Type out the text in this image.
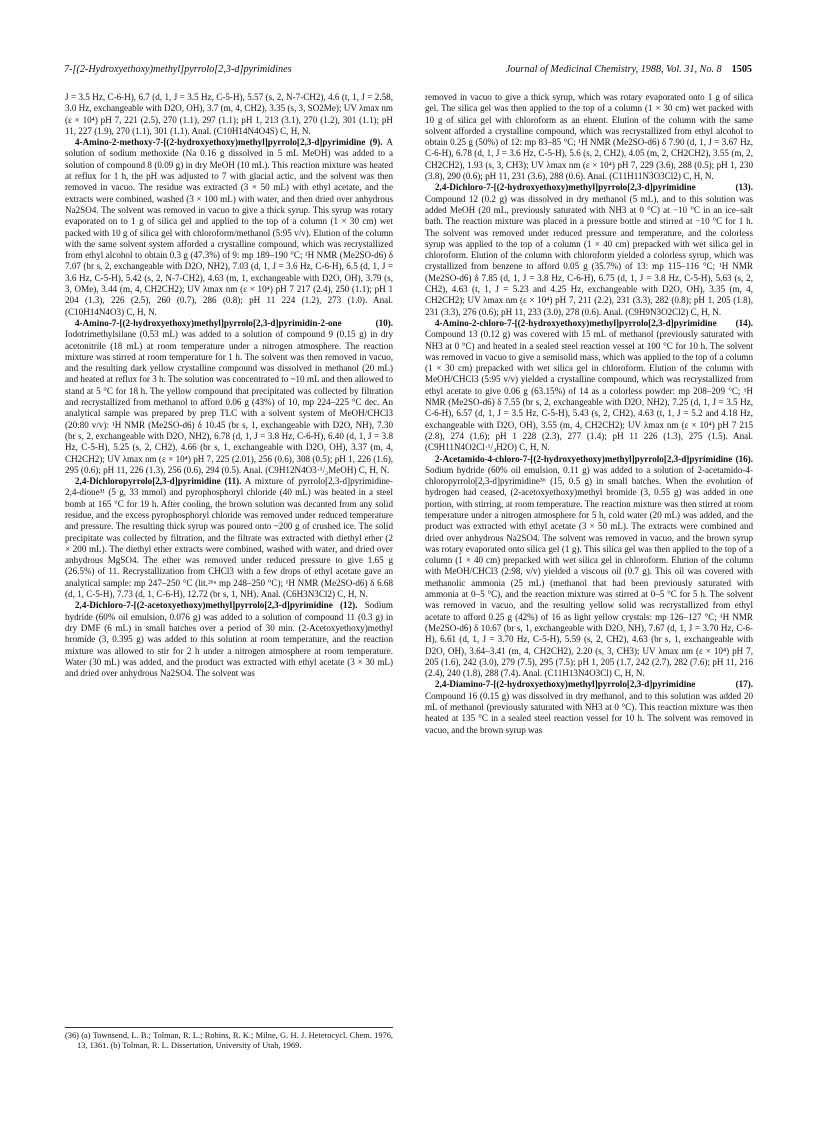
7-[(2-Hydroxyethoxy)methyl]pyrrolo[2,3-d]pyrimidines	Journal of Medicinal Chemistry, 1988, Vol. 31, No. 8 1505

J = 3.5 Hz, C-6-H), 6.7 (d, 1, J = 3.5 Hz, C-5-H), 5.57 (s, 2, N-7-CH2), 4.6 (t, 1, J = 2.58, 3.0 Hz, exchangeable with D2O, OH), 3.7 (m, 4, CH2), 3.35 (s, 3, SO2Me); UV λmax nm (ε × 10⁴) pH 7, 221 (2.5), 270 (1.1), 297 (1.1); pH 1, 213 (3.1), 270 (1.2), 301 (1.1); pH 11, 227 (1.9), 270 (1.1), 301 (1.1). Anal. (C10H14N4O4S) C, H, N.

4-Amino-2-methoxy-7-[(2-hydroxyethoxy)methyl]pyrrolo[2,3-d]pyrimidine (9). A solution of sodium methoxide (Na 0.16 g dissolved in 5 mL MeOH) was added to a solution of compound 8 (0.09 g) in dry MeOH (10 mL). This reaction mixture was heated at reflux for 1 h, the pH was adjusted to 7 with glacial actic, and the solvent was then removed in vacuo. The residue was extracted (3 × 50 mL) with ethyl acetate, and the extracts were combined, washed (3 × 100 mL) with water, and then dried over anhydrous Na2SO4. The solvent was removed in vacuo to give a thick syrup. This syrup was rotary evaporated on to 1 g of silica gel and applied to the top of a column (1 × 30 cm) wet packed with 10 g of silica gel with chloroform/methanol (5:95 v/v). Elution of the column with the same solvent system afforded a crystalline compound, which was recrystallized from ethyl alcohol to obtain 0.3 g (47.3%) of 9: mp 189–190 °C; ¹H NMR (Me2SO-d6) δ 7.07 (br s, 2, exchangeable with D2O, NH2), 7.03 (d, 1, J = 3.6 Hz, C-6-H), 6.5 (d, 1, J = 3.6 Hz, C-5-H), 5.42 (s, 2, N-7-CH2), 4.63 (m, 1, exchangeable with D2O, OH), 3.79 (s, 3, OMe), 3.44 (m, 4, CH2CH2); UV λmax nm (ε × 10⁴) pH 7 217 (2.4), 250 (1.1); pH 1 204 (1.3), 226 (2.5), 260 (0.7), 286 (0.8); pH 11 224 (1.2), 273 (1.0). Anal. (C10H14N4O3) C, H, N.

4-Amino-7-[(2-hydroxyethoxy)methyl]pyrrolo[2,3-d]pyrimidin-2-one (10). Iodotrimethylsilane (0.53 mL) was added to a solution of compound 9 (0.15 g) in dry acetonitrile (18 mL) at room temperature under a nitrogen atmosphere. The reaction mixture was stirred at room temperature for 1 h. The solvent was then removed in vacuo, and the resulting dark yellow crystalline compound was dissolved in methanol (20 mL) and heated at reflux for 3 h. The solution was concentrated to ~10 mL and then allowed to stand at 5 °C for 18 h. The yellow compound that precipitated was collected by filtration and recrystallized from methanol to afford 0.06 g (43%) of 10, mp 224–225 °C dec. An analytical sample was prepared by prep TLC with a solvent system of MeOH/CHCl3 (20:80 v/v): ¹H NMR (Me2SO-d6) δ 10.45 (br s, 1, exchangeable with D2O, NH), 7.30 (br s, 2, exchangeable with D2O, NH2), 6.78 (d, 1, J = 3.8 Hz, C-6-H), 6.40 (d, 1, J = 3.8 Hz, C-5-H), 5.25 (s, 2, CH2), 4.66 (br s, 1, exchangeable with D2O, OH), 3.37 (m, 4, CH2CH2); UV λmax nm (ε × 10⁴) pH 7, 225 (2.01), 256 (0.6), 308 (0.5); pH 1, 226 (1.6), 295 (0.6); pH 11, 226 (1.3), 256 (0.6), 294 (0.5). Anal. (C9H12N4O3·¹/₂MeOH) C, H, N.

2,4-Dichloropyrrolo[2,3-d]pyrimidine (11). A mixture of pyrrolo[2,3-d]pyrimidine-2,4-dione³¹ (5 g, 33 mmol) and pyrophosphoryl chloride (40 mL) was heated in a steel bomb at 165 °C for 19 h. After cooling, the brown solution was decanted from any solid residue, and the excess pyrophosphoryl chloride was removed under reduced temperature and pressure. The resulting thick syrup was poured onto ~200 g of crushed ice. The solid precipitate was collected by filtration, and the filtrate was extracted with diethyl ether (2 × 200 mL). The diethyl ether extracts were combined, washed with water, and dried over anhydrous MgSO4. The ether was removed under reduced pressure to give 1.65 g (26.5%) of 11. Recrystallization from CHCl3 with a few drops of ethyl acetate gave an analytical sample: mp 247–250 °C (lit.²⁶ᵃ mp 248–250 °C); ¹H NMR (Me2SO-d6) δ 6.68 (d, 1, C-5-H), 7.73 (d, 1, C-6-H), 12.72 (br s, 1, NH). Anal. (C6H3N3Cl2) C, H, N.

2,4-Dichloro-7-[(2-acetoxyethoxy)methyl]pyrrolo[2,3-d]pyrimidine (12). Sodium hydride (60% oil emulsion, 0.076 g) was added to a solution of compound 11 (0.3 g) in dry DMF (6 mL) in small batches over a period of 30 min. (2-Acetoxyethoxy)methyl bromide (3, 0.395 g) was added to this solution at room temperature, and the reaction mixture was allowed to stir for 2 h under a nitrogen atmosphere at room temperature. Water (30 mL) was added, and the product was extracted with ethyl acetate (3 × 30 mL) and dried over anhydrous Na2SO4. The solvent was

removed in vacuo to give a thick syrup, which was rotary evaporated onto 1 g of silica gel. The silica gel was then applied to the top of a column (1 × 30 cm) wet packed with 10 g of silica gel with chloroform as an eluent. Elution of the column with the same solvent afforded a crystalline compound, which was recrystallized from ethyl alcohol to obtain 0.25 g (50%) of 12: mp 83–85 °C; ¹H NMR (Me2SO-d6) δ 7.90 (d, 1, J = 3.67 Hz, C-6-H), 6.78 (d, 1, J = 3.6 Hz, C-5-H), 5.6 (s, 2, CH2), 4.05 (m, 2, CH2CH2), 3.55 (m, 2, CH2CH2), 1.93 (s, 3, CH3); UV λmax nm (ε × 10⁴) pH 7, 229 (3.6), 288 (0.5); pH 1, 230 (3.8), 290 (0.6); pH 11, 231 (3.6), 288 (0.6). Anal. (C11H11N3O3Cl2) C, H, N.

2,4-Dichloro-7-[(2-hydroxyethoxy)methyl]pyrrolo[2,3-d]pyrimidine (13). Compound 12 (0.2 g) was dissolved in dry methanol (5 mL), and to this solution was added MeOH (20 mL, previously saturated with NH3 at 0 °C) at −10 °C in an ice–salt bath. The reaction mixture was placed in a pressure bottle and stirred at −10 °C for 1 h. The solvent was removed under reduced pressure and temperature, and the colorless syrup was applied to the top of a column (1 × 40 cm) prepacked with wet silica gel in chloroform. Elution of the column with chloroform yielded a colorless syrup, which was crystallized from benzene to afford 0.05 g (35.7%) of 13: mp 115–116 °C; ¹H NMR (Me2SO-d6) δ 7.85 (d, 1, J = 3.8 Hz, C-6-H), 6.75 (d, 1, J = 3.8 Hz, C-5-H), 5.63 (s, 2, CH2), 4.63 (t, 1, J = 5.23 and 4.25 Hz, exchangeable with D2O, OH), 3.35 (m, 4, CH2CH2); UV λmax nm (ε × 10⁴) pH 7, 211 (2.2), 231 (3.3), 282 (0.8); pH 1, 205 (1.8), 231 (3.3), 276 (0.6); pH 11, 233 (3.0), 278 (0.6). Anal. (C9H9N3O2Cl2) C, H, N.

4-Amino-2-chloro-7-[(2-hydroxyethoxy)methyl]pyrrolo[2,3-d]pyrimidine (14). Compound 13 (0.12 g) was covered with 15 mL of methanol (previously saturated with NH3 at 0 °C) and heated in a sealed steel reaction vessel at 100 °C for 10 h. The solvent was removed in vacuo to give a semisolid mass, which was applied to the top of a column (1 × 30 cm) prepacked with wet silica gel in chloroform. Elution of the column with MeOH/CHCl3 (5:95 v/v) yielded a crystalline compound, which was recrystallized from ethyl acetate to give 0.06 g (63.15%) of 14 as a colorless powder: mp 208–209 °C; ¹H NMR (Me2SO-d6) δ 7.55 (br s, 2, exchangeable with D2O, NH2), 7.25 (d, 1, J = 3.5 Hz, C-6-H), 6.57 (d, 1, J = 3.5 Hz, C-5-H), 5.43 (s, 2, CH2), 4.63 (t, 1, J = 5.2 and 4.18 Hz, exchangeable with D2O, OH), 3.55 (m, 4, CH2CH2); UV λmax nm (ε × 10⁴) pH 7 215 (2.8), 274 (1.6); pH 1 228 (2.3), 277 (1.4); pH 11 226 (1.3), 275 (1.5). Anal. (C9H11N4O2Cl·¹/₄H2O) C, H, N.

2-Acetamido-4-chloro-7-[(2-hydroxyethoxy)methyl]pyrrolo[2,3-d]pyrimidine (16). Sodium hydride (60% oil emulsion, 0.11 g) was added to a solution of 2-acetamido-4-chloropyrrolo[2,3-d]pyrimidine³⁶ (15, 0.5 g) in small batches. When the evolution of hydrogen had ceased, (2-acetoxyethoxy)methyl bromide (3, 0.55 g) was added in one portion, with stirring, at room temperature. The reaction mixture was then stirred at room temperature under a nitrogen atmosphere for 5 h, cold water (20 mL) was added, and the product was extracted with ethyl acetate (3 × 50 mL). The extracts were combined and dried over anhydrous Na2SO4. The solvent was removed in vacuo, and the brown syrup was rotary evaporated onto silica gel (1 g). This silica gel was then applied to the top of a column (1 × 40 cm) prepacked with wet silica gel in chloroform. Elution of the column with MeOH/CHCl3 (2:98, v/v) yielded a viscous oil (0.7 g). This oil was covered with methanolic ammonia (25 mL) (methanol that had been previously saturated with ammonia at 0–5 °C), and the reaction mixture was stirred at 0–5 °C for 5 h. The solvent was removed in vacuo, and the resulting yellow solid was recrystallized from ethyl acetate to afford 0.25 g (42%) of 16 as light yellow crystals: mp 126–127 °C; ¹H NMR (Me2SO-d6) δ 10.67 (br s, 1, exchangeable with D2O, NH), 7.67 (d, 1, J = 3.70 Hz, C-6-H), 6.61 (d, 1, J = 3.70 Hz, C-5-H), 5.59 (s, 2, CH2), 4.63 (br s, 1, exchangeable with D2O, OH), 3.64–3.41 (m, 4, CH2CH2), 2.20 (s, 3, CH3); UV λmax nm (ε × 10⁴) pH 7, 205 (1.6), 242 (3.0), 279 (7.5), 295 (7.5); pH 1, 205 (1.7, 242 (2.7), 282 (7.6); pH 11, 216 (2.4), 240 (1.8), 288 (7.4). Anal. (C11H13N4O3Cl) C, H, N.

2,4-Diamino-7-[(2-hydroxyethoxy)methyl]pyrrolo[2,3-d]pyrimidine (17). Compound 16 (0.15 g) was dissolved in dry methanol, and to this solution was added 20 mL of methanol (previously saturated with NH3 at 0 °C). This reaction mixture was then heated at 135 °C in a sealed steel reaction vessel for 10 h. The solvent was removed in vacuo, and the brown syrup was

(36) (a) Townsend, L. B.; Tolman, R. L.; Robins, R. K.; Milne, G. H. J. Heterocycl. Chem. 1976, 13, 1361. (b) Tolman, R. L. Dissertation, University of Utah, 1969.
